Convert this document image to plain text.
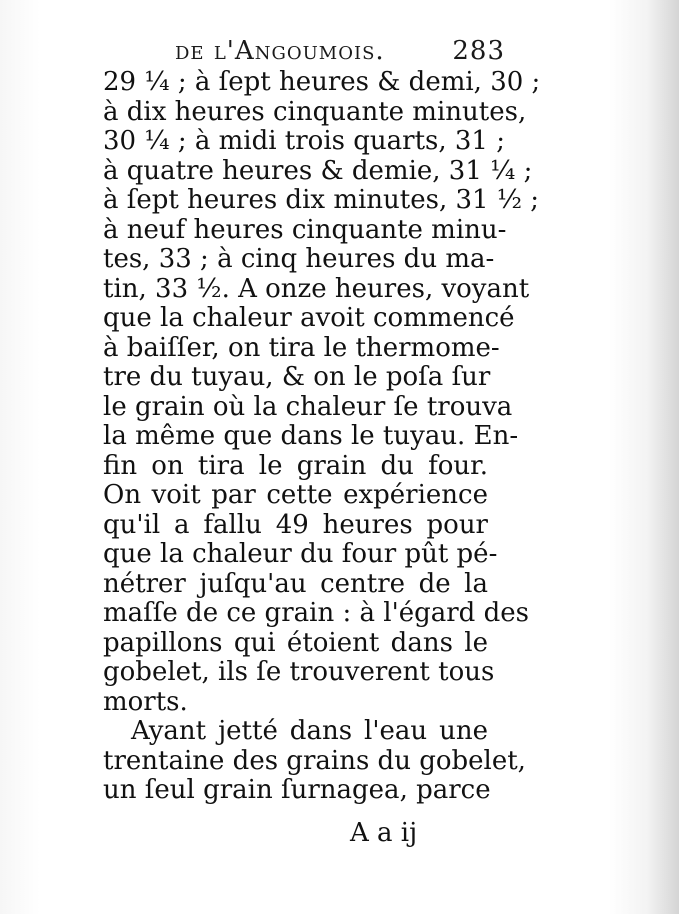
de l'Angoumois.	283
29 ¼ ; à ſept heures & demi, 30 ;
à dix heures cinquante minutes,
30 ¼ ; à midi trois quarts, 31 ;
à quatre heures & demie, 31 ¼ ;
à ſept heures dix minutes, 31 ½ ;
à neuf heures cinquante minu-
tes, 33 ; à cinq heures du ma-
tin, 33 ½. A onze heures, voyant
que la chaleur avoit commencé
à baiſſer, on tira le thermome-
tre du tuyau, & on le poſa ſur
le grain où la chaleur ſe trouva
la même que dans le tuyau. En-
fin on tira le grain du four.
On voit par cette expérience
qu'il a fallu 49 heures pour
que la chaleur du four pût pé-
nétrer juſqu'au centre de la
maſſe de ce grain : à l'égard des
papillons qui étoient dans le
gobelet, ils ſe trouverent tous
morts.
Ayant jetté dans l'eau une
trentaine des grains du gobelet,
un ſeul grain ſurnagea, parce
A a ij
